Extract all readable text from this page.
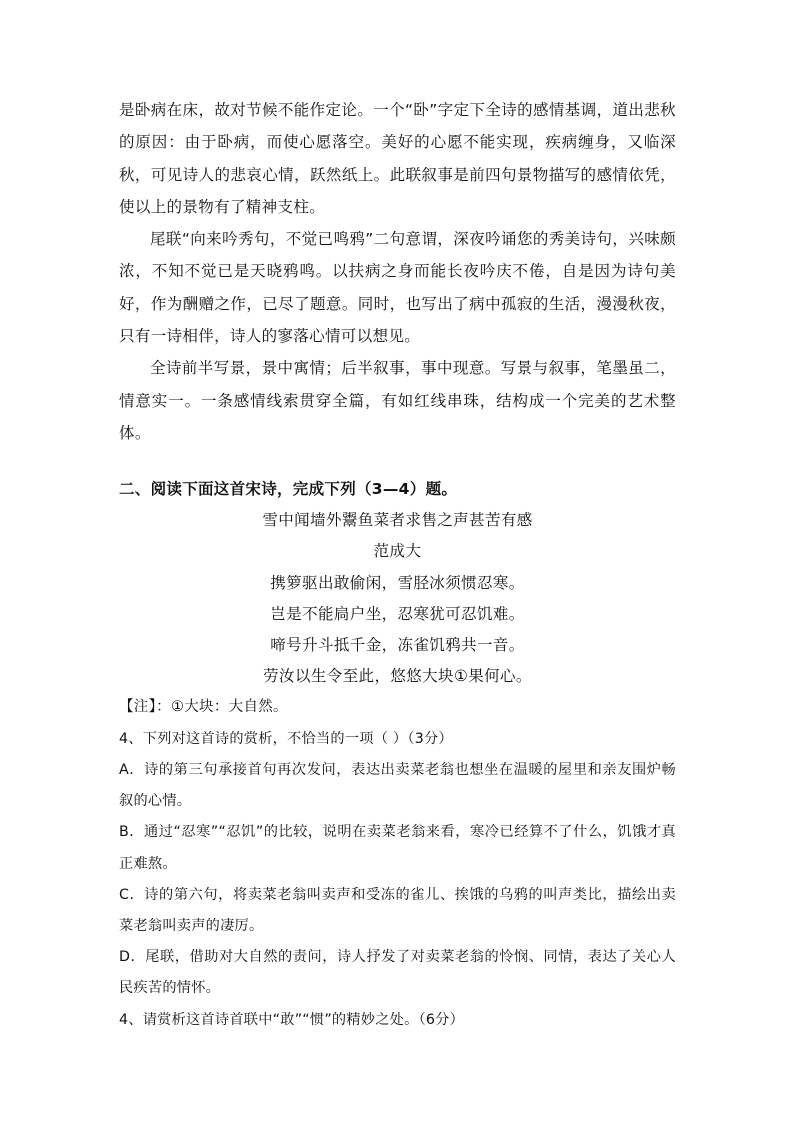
是卧病在床，故对节候不能作定论。一个“卧”字定下全诗的感情基调，道出悲秋的原因：由于卧病，而使心愿落空。美好的心愿不能实现，疾病缠身，又临深秋，可见诗人的悲哀心情，跃然纸上。此联叙事是前四句景物描写的感情依凭，使以上的景物有了精神支柱。

尾联“向来吟秀句，不觉已鸣鸦”二句意谓，深夜吟诵您的秀美诗句，兴味颇浓，不知不觉已是天晓鸦鸣。以扶病之身而能长夜吟庆不倦，自是因为诗句美好，作为酬赠之作，已尽了题意。同时，也写出了病中孤寂的生活，漫漫秋夜，只有一诗相伴，诗人的寥落心情可以想见。

全诗前半写景，景中寓情；后半叙事，事中现意。写景与叙事，笔墨虽二，情意实一。一条感情线索贯穿全篇，有如红线串珠，结构成一个完美的艺术整体。

二、阅读下面这首宋诗，完成下列（3—4）题。

雪中闻墙外鬻鱼菜者求售之声甚苦有感
范成大
携箩驱出敢偷闲，雪胫冰须惯忍寒。
岂是不能扃户坐，忍寒犹可忍饥难。
啼号升斗抵千金，冻雀饥鸦共一音。
劳汝以生令至此，悠悠大块①果何心。

【注】：①大块：大自然。

4、下列对这首诗的赏析，不恰当的一项（ ）（3分）

A．诗的第三句承接首句再次发问，表达出卖菜老翁也想坐在温暖的屋里和亲友围炉畅叙的心情。

B．通过“忍寒”“忍饥”的比较，说明在卖菜老翁来看，寒冷已经算不了什么，饥饿才真正难熬。

C．诗的第六句，将卖菜老翁叫卖声和受冻的雀儿、挨饿的乌鸦的叫声类比，描绘出卖菜老翁叫卖声的凄厉。

D．尾联，借助对大自然的责问，诗人抒发了对卖菜老翁的怜悯、同情，表达了关心人民疾苦的情怀。

4、请赏析这首诗首联中“敢”“惯”的精妙之处。（6分）
